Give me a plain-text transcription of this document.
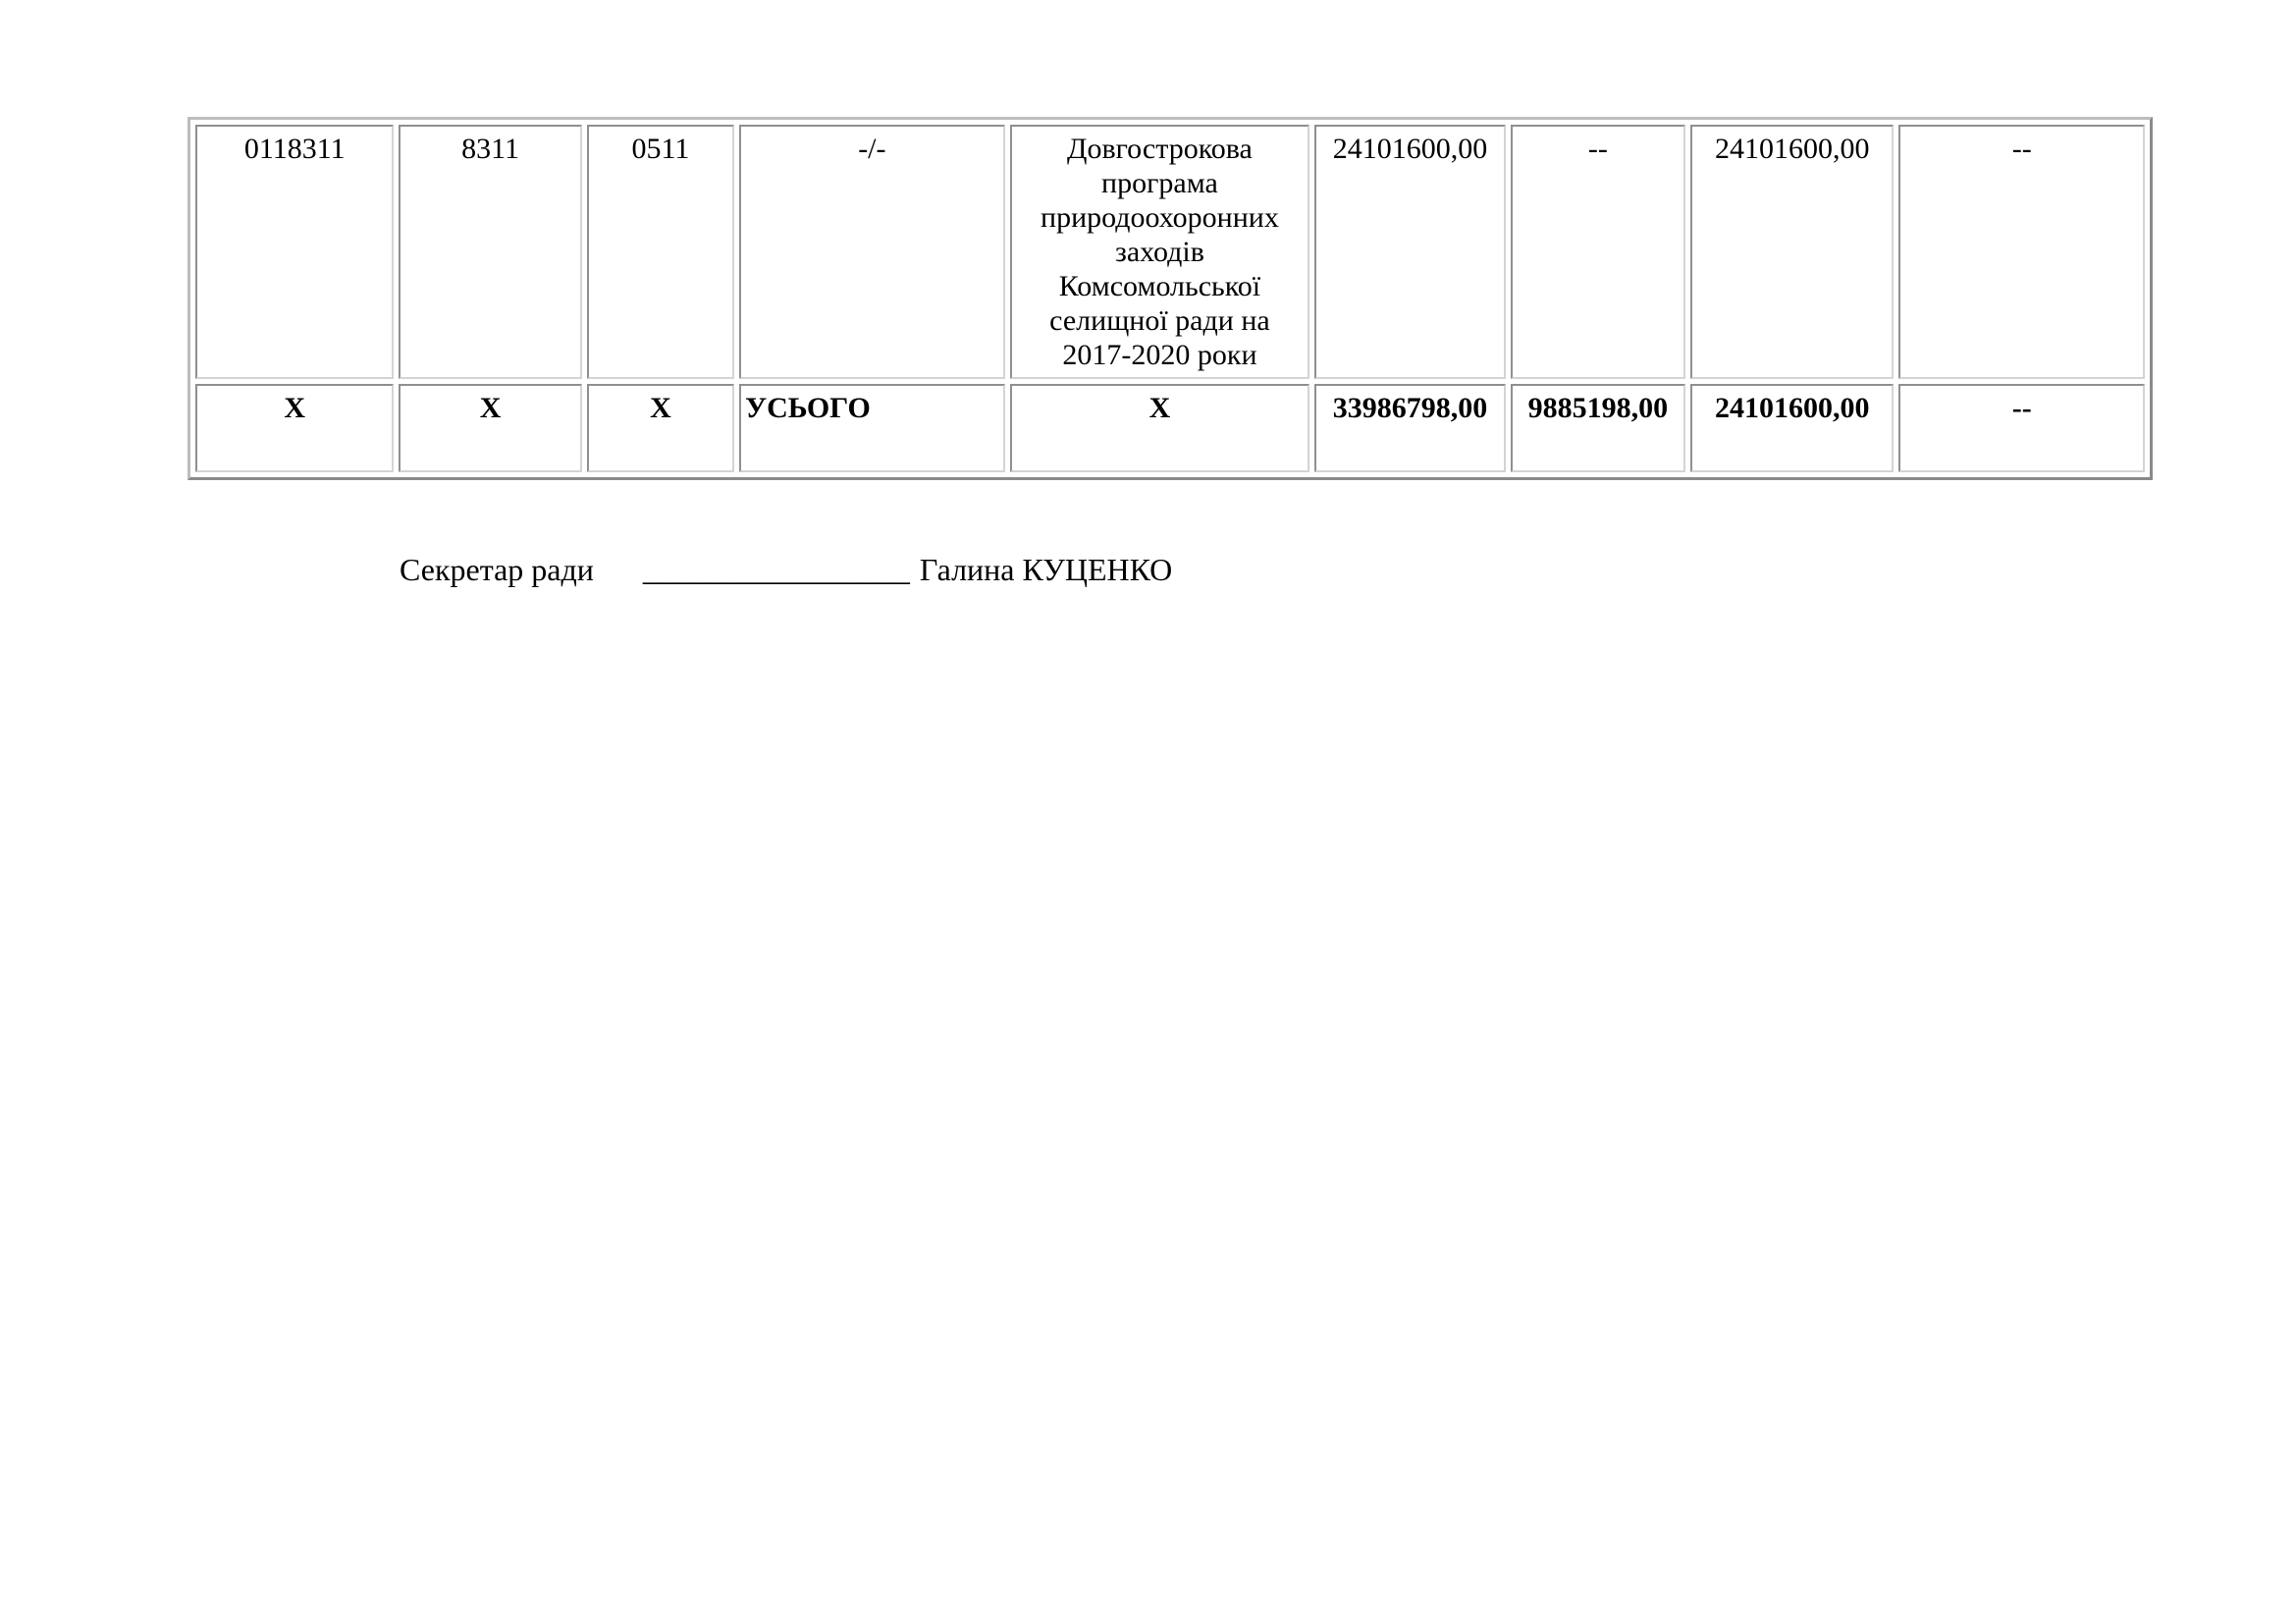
0118311	8311	0511	-/-	Довгострокова програма природоохоронних заходів Комсомольської селищної ради на 2017-2020 роки	24101600,00	--	24101600,00	--
Х	Х	Х	УСЬОГО	Х	33986798,00	9885198,00	24101600,00	--

Секретар ради _________________ Галина КУЦЕНКО
